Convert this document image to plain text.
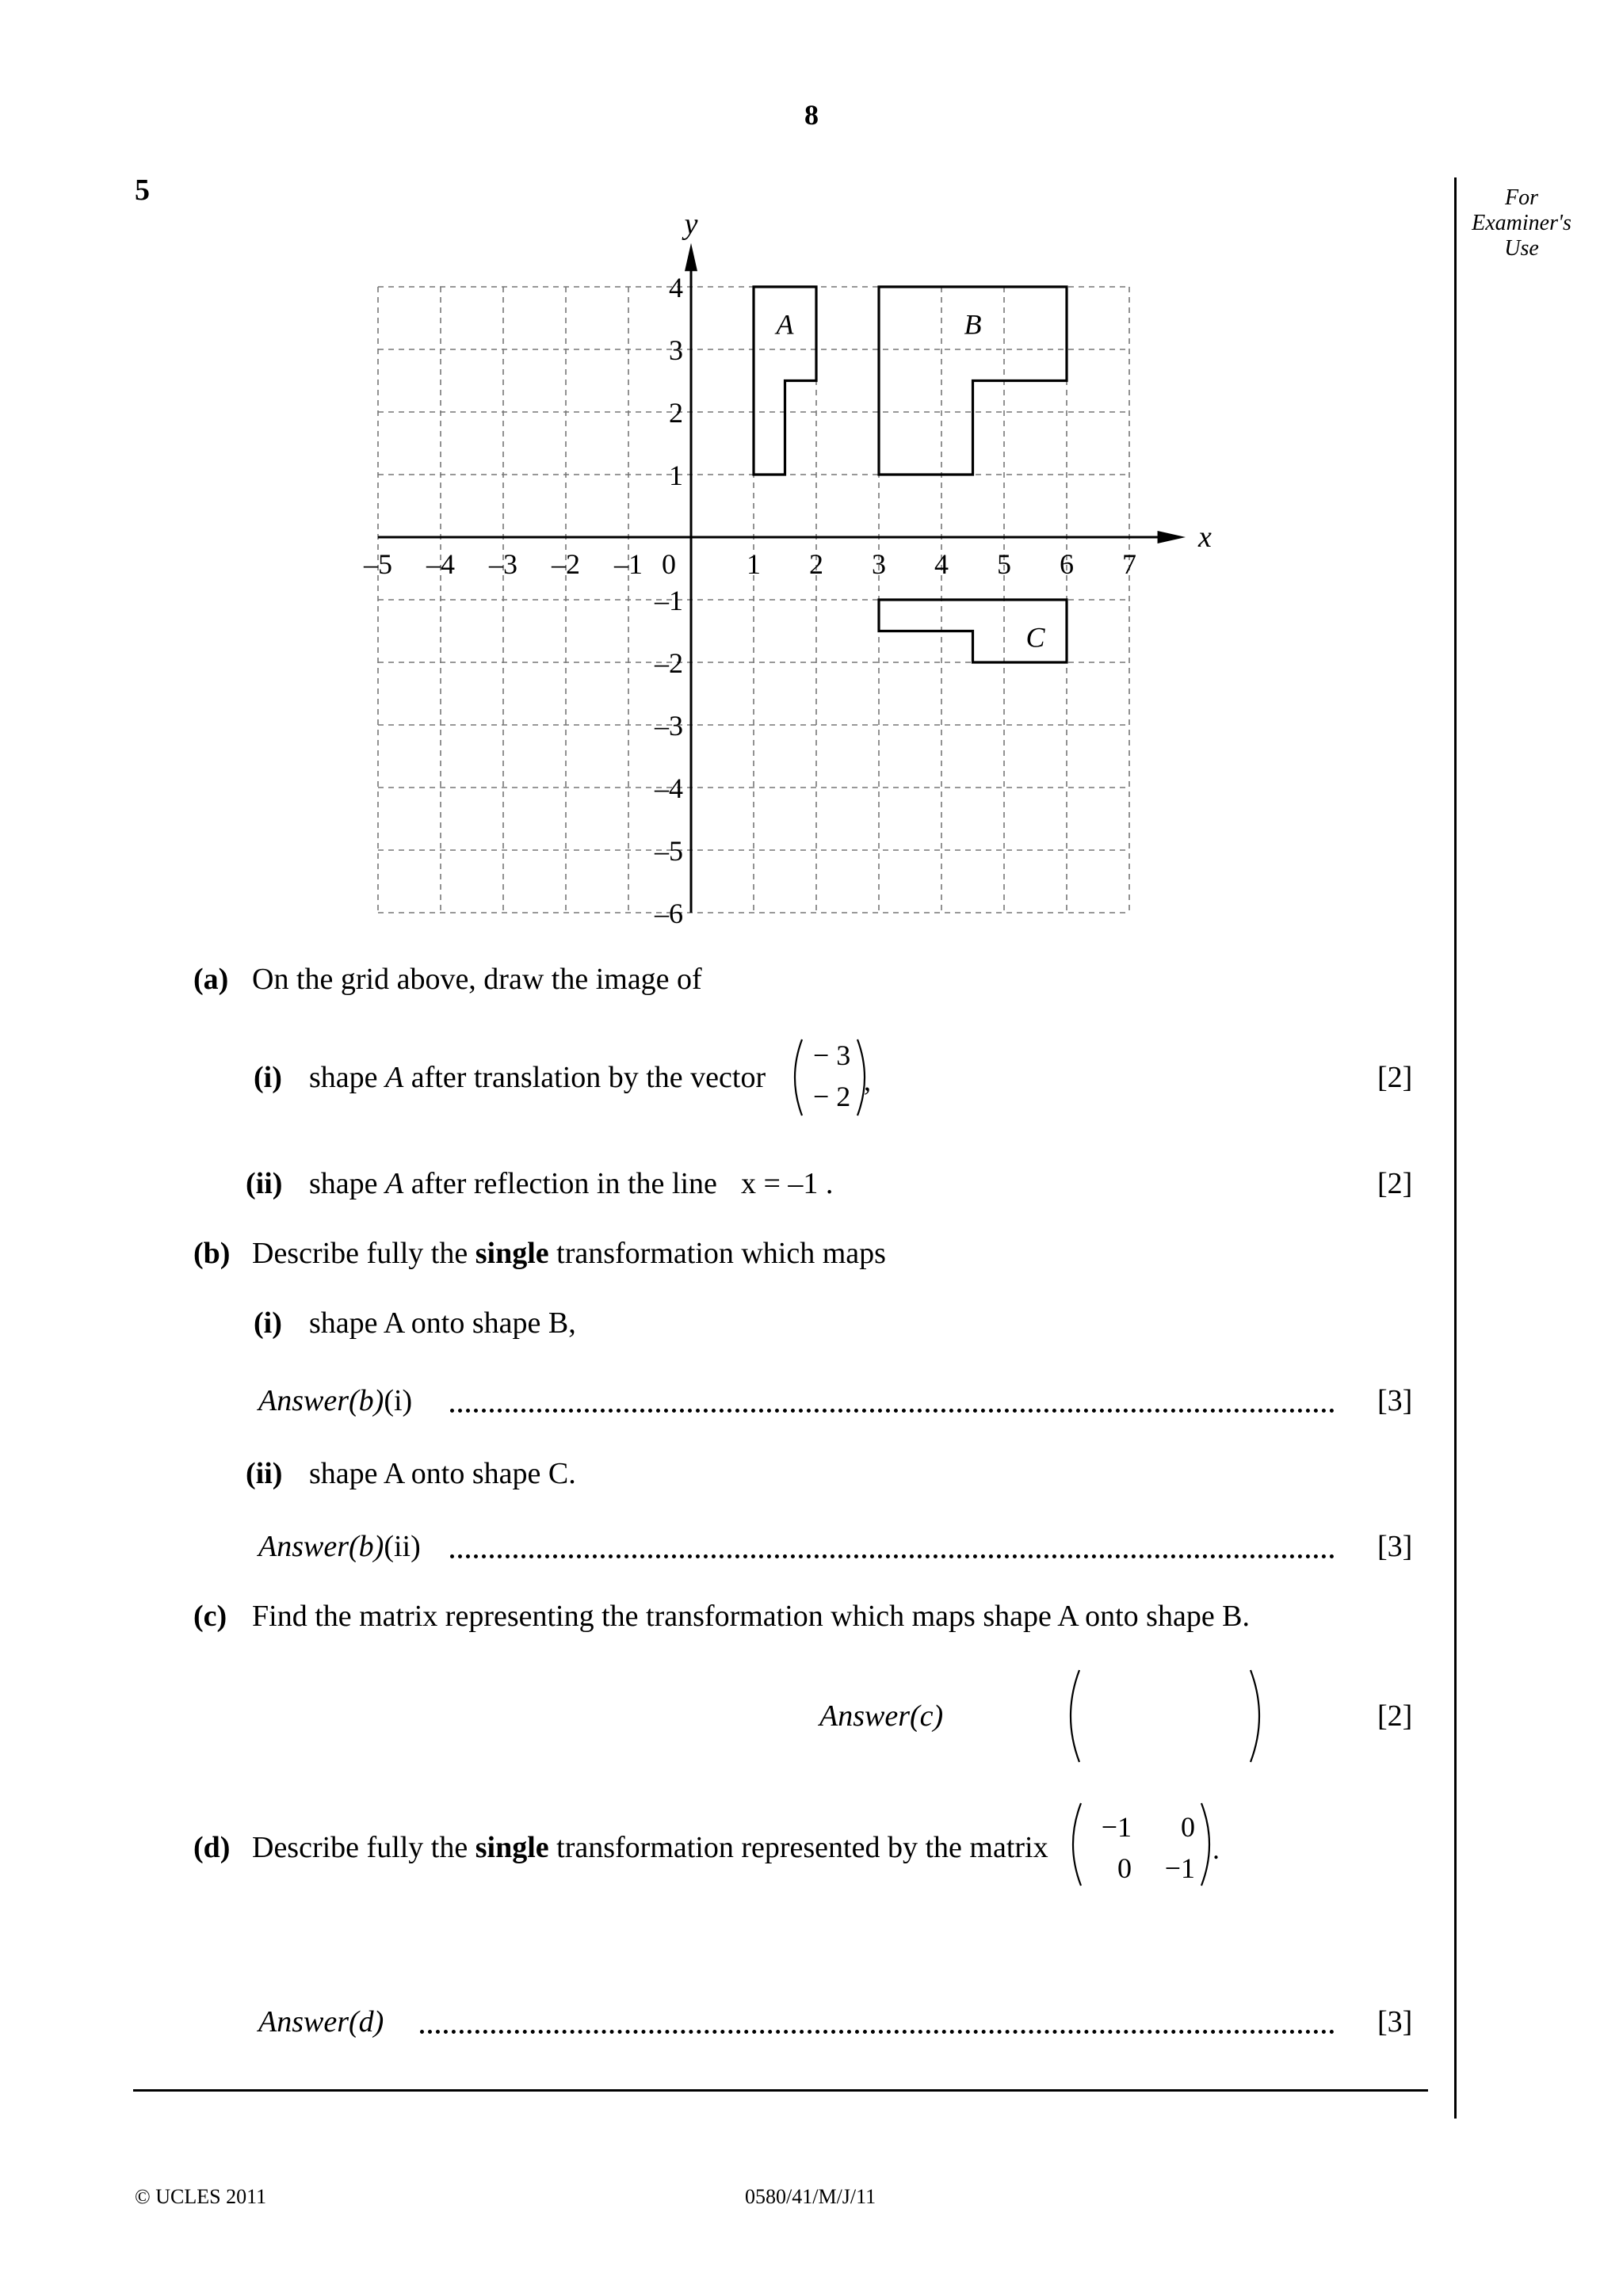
8
5	For
Examiner's
Use
x
y
–5 –4 –3 –2 –1 0 1 2 3 4 5 6 7
4
3
2
1
–1
–2
–3
–4
–5
–6
A	B
C
(a) On the grid above, draw the image of
(i) shape A after translation by the vector
− 3
− 2 ,	[2]
(ii) shape A after reflection in the line x = –1 .	[2]
(b) Describe fully the single transformation which maps
(i) shape A onto shape B,
Answer(b)(i)	[3]
(ii) shape A onto shape C.
Answer(b)(ii)	[3]
(c) Find the matrix representing the transformation which maps shape A onto shape B.
Answer(c)	[2]
(d) Describe fully the single transformation represented by the matrix
−1 0
0 −1
.
Answer(d)	[3]
© UCLES 2011	0580/41/M/J/11
